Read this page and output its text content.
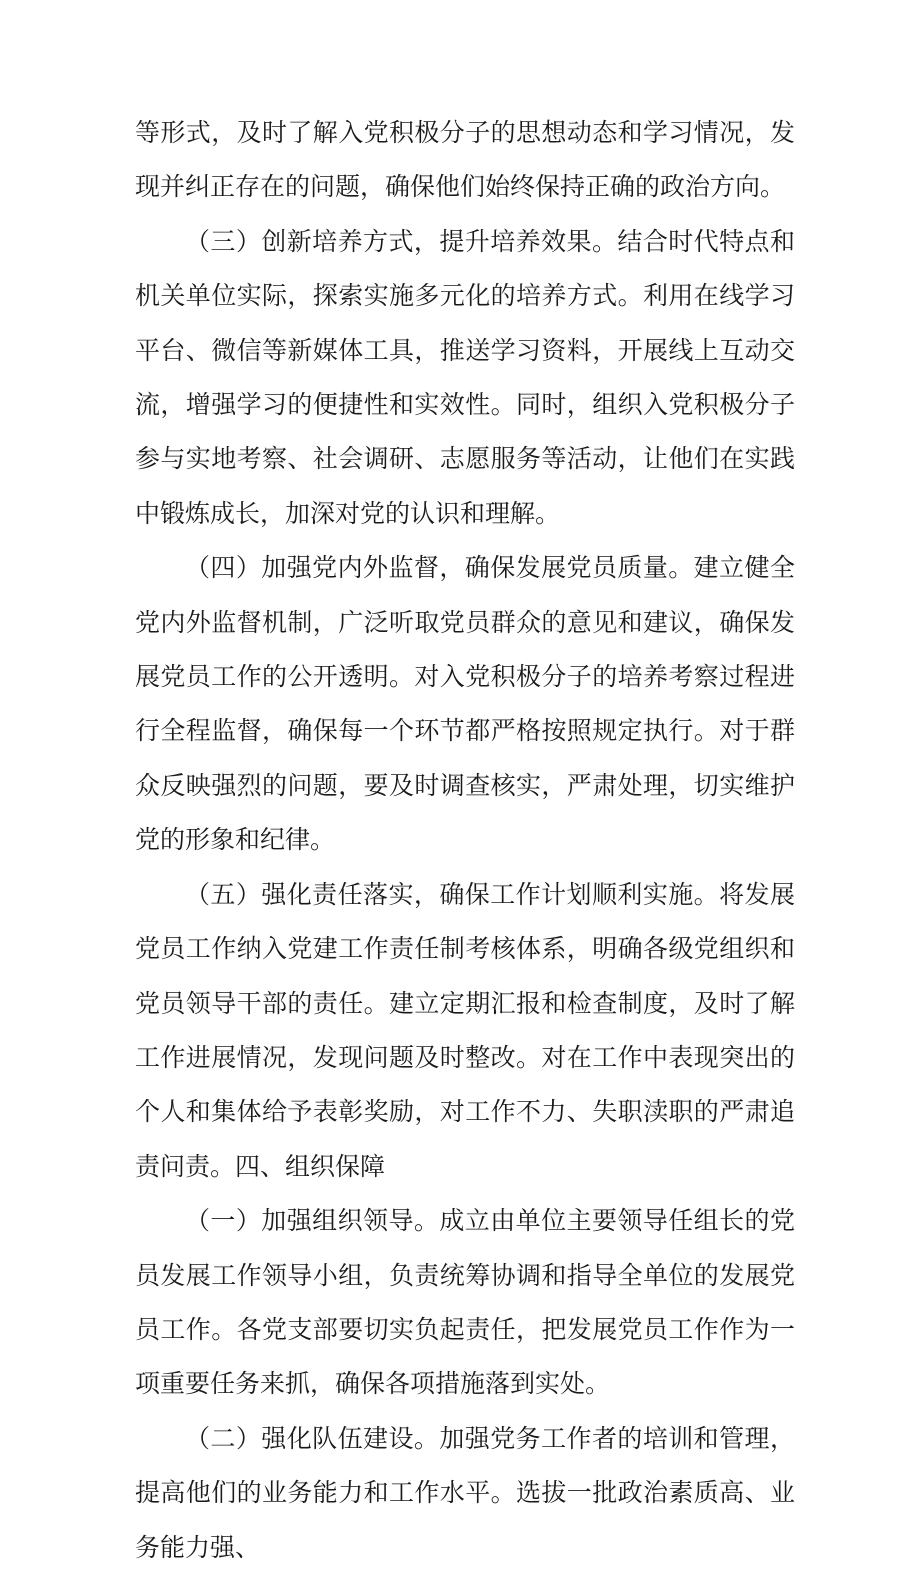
等形式，及时了解入党积极分子的思想动态和学习情况，发现并纠正存在的问题，确保他们始终保持正确的政治方向。

（三）创新培养方式，提升培养效果。结合时代特点和机关单位实际，探索实施多元化的培养方式。利用在线学习平台、微信等新媒体工具，推送学习资料，开展线上互动交流，增强学习的便捷性和实效性。同时，组织入党积极分子参与实地考察、社会调研、志愿服务等活动，让他们在实践中锻炼成长，加深对党的认识和理解。

（四）加强党内外监督，确保发展党员质量。建立健全党内外监督机制，广泛听取党员群众的意见和建议，确保发展党员工作的公开透明。对入党积极分子的培养考察过程进行全程监督，确保每一个环节都严格按照规定执行。对于群众反映强烈的问题，要及时调查核实，严肃处理，切实维护党的形象和纪律。

（五）强化责任落实，确保工作计划顺利实施。将发展党员工作纳入党建工作责任制考核体系，明确各级党组织和党员领导干部的责任。建立定期汇报和检查制度，及时了解工作进展情况，发现问题及时整改。对在工作中表现突出的个人和集体给予表彰奖励，对工作不力、失职渎职的严肃追责问责。四、组织保障

（一）加强组织领导。成立由单位主要领导任组长的党员发展工作领导小组，负责统筹协调和指导全单位的发展党员工作。各党支部要切实负起责任，把发展党员工作作为一项重要任务来抓，确保各项措施落到实处。

（二）强化队伍建设。加强党务工作者的培训和管理，提高他们的业务能力和工作水平。选拔一批政治素质高、业务能力强、
